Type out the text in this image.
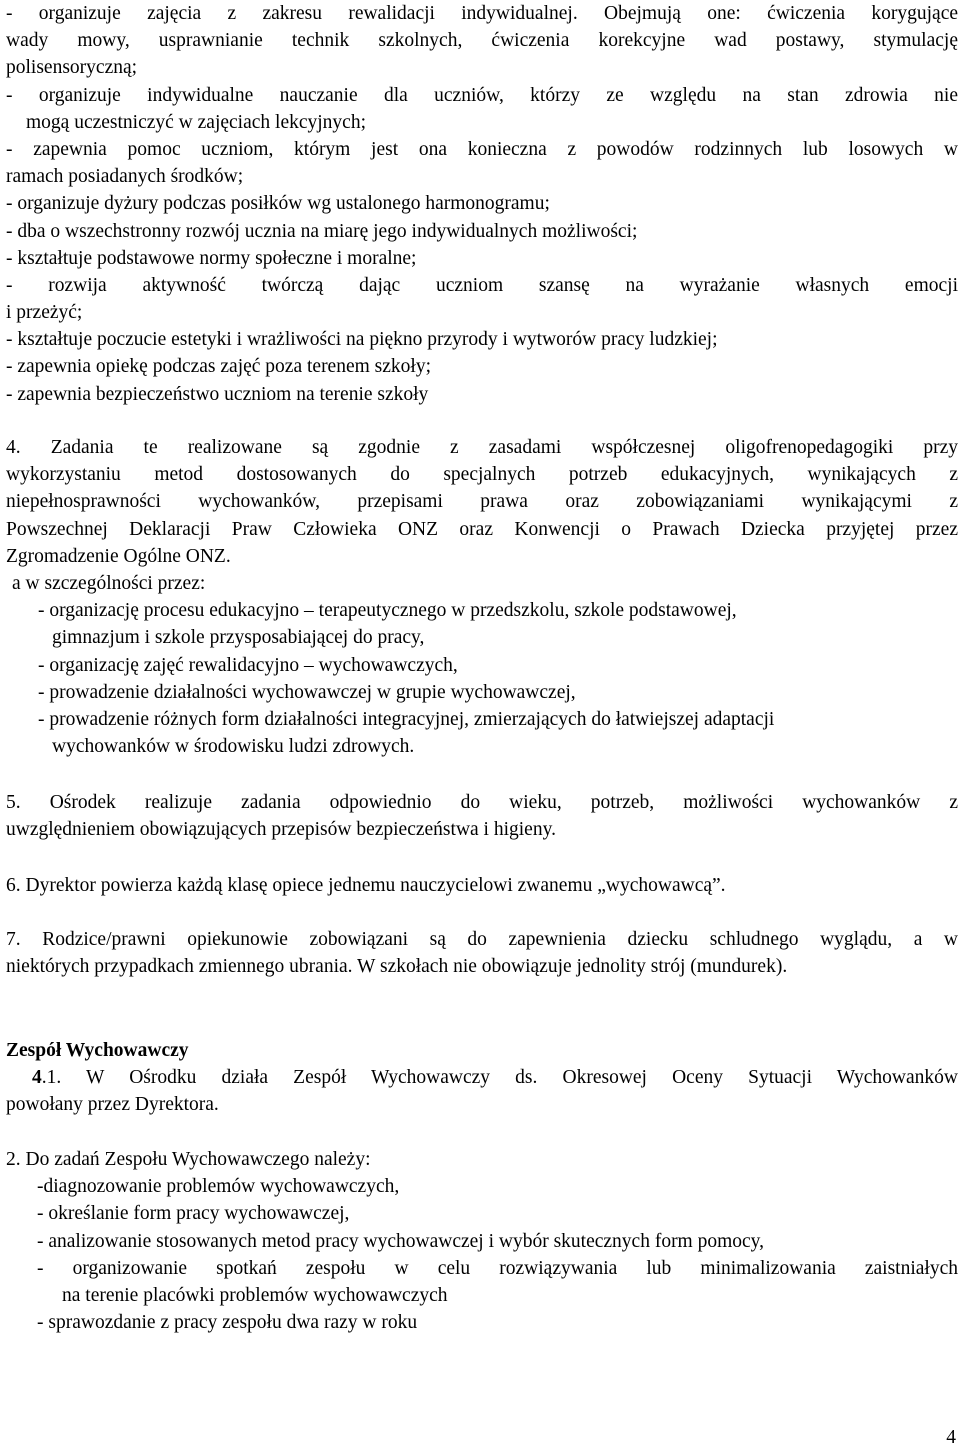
- organizuje zajęcia z zakresu rewalidacji indywidualnej. Obejmują one: ćwiczenia korygujące
wady mowy, usprawnianie technik szkolnych, ćwiczenia korekcyjne wad postawy, stymulację
polisensoryczną;
- organizuje indywidualne nauczanie dla uczniów, którzy ze względu na stan zdrowia nie
mogą uczestniczyć w zajęciach lekcyjnych;
- zapewnia pomoc uczniom, którym jest ona konieczna z powodów rodzinnych lub losowych w
ramach posiadanych środków;
- organizuje dyżury podczas posiłków wg ustalonego harmonogramu;
- dba o wszechstronny rozwój ucznia na miarę jego indywidualnych możliwości;
- kształtuje podstawowe normy społeczne i moralne;
- rozwija aktywność twórczą dając uczniom szansę na wyrażanie własnych emocji
i przeżyć;
- kształtuje poczucie estetyki i wrażliwości na piękno przyrody i wytworów pracy ludzkiej;
- zapewnia opiekę podczas zajęć poza terenem szkoły;
- zapewnia bezpieczeństwo uczniom na terenie szkoły
4. Zadania te realizowane są zgodnie z zasadami współczesnej oligofrenopedagogiki przy
wykorzystaniu metod dostosowanych do specjalnych potrzeb edukacyjnych, wynikających z
niepełnosprawności wychowanków, przepisami prawa oraz zobowiązaniami wynikającymi z
Powszechnej Deklaracji Praw Człowieka ONZ oraz Konwencji o Prawach Dziecka przyjętej przez
Zgromadzenie Ogólne ONZ.
a w szczególności przez:
- organizację procesu edukacyjno – terapeutycznego w przedszkolu, szkole podstawowej,
gimnazjum i szkole przysposabiającej do pracy,
- organizację zajęć rewalidacyjno – wychowawczych,
- prowadzenie działalności wychowawczej w grupie wychowawczej,
- prowadzenie różnych form działalności integracyjnej, zmierzających do łatwiejszej adaptacji
wychowanków w środowisku ludzi zdrowych.
5. Ośrodek realizuje zadania odpowiednio do wieku, potrzeb, możliwości wychowanków z
uwzględnieniem obowiązujących przepisów bezpieczeństwa i higieny.
6. Dyrektor powierza każdą klasę opiece jednemu nauczycielowi zwanemu „wychowawcą”.
7. Rodzice/prawni opiekunowie zobowiązani są do zapewnienia dziecku schludnego wyglądu, a w
niektórych przypadkach zmiennego ubrania. W szkołach nie obowiązuje jednolity strój (mundurek).
Zespół Wychowawczy
4.1. W Ośrodku działa Zespół Wychowawczy ds. Okresowej Oceny Sytuacji Wychowanków
powołany przez Dyrektora.
2. Do zadań Zespołu Wychowawczego należy:
-diagnozowanie problemów wychowawczych,
- określanie form pracy wychowawczej,
- analizowanie stosowanych metod pracy wychowawczej i wybór skutecznych form pomocy,
- organizowanie spotkań zespołu w celu rozwiązywania lub minimalizowania zaistniałych
na terenie placówki problemów wychowawczych
- sprawozdanie z pracy zespołu dwa razy w roku
4
